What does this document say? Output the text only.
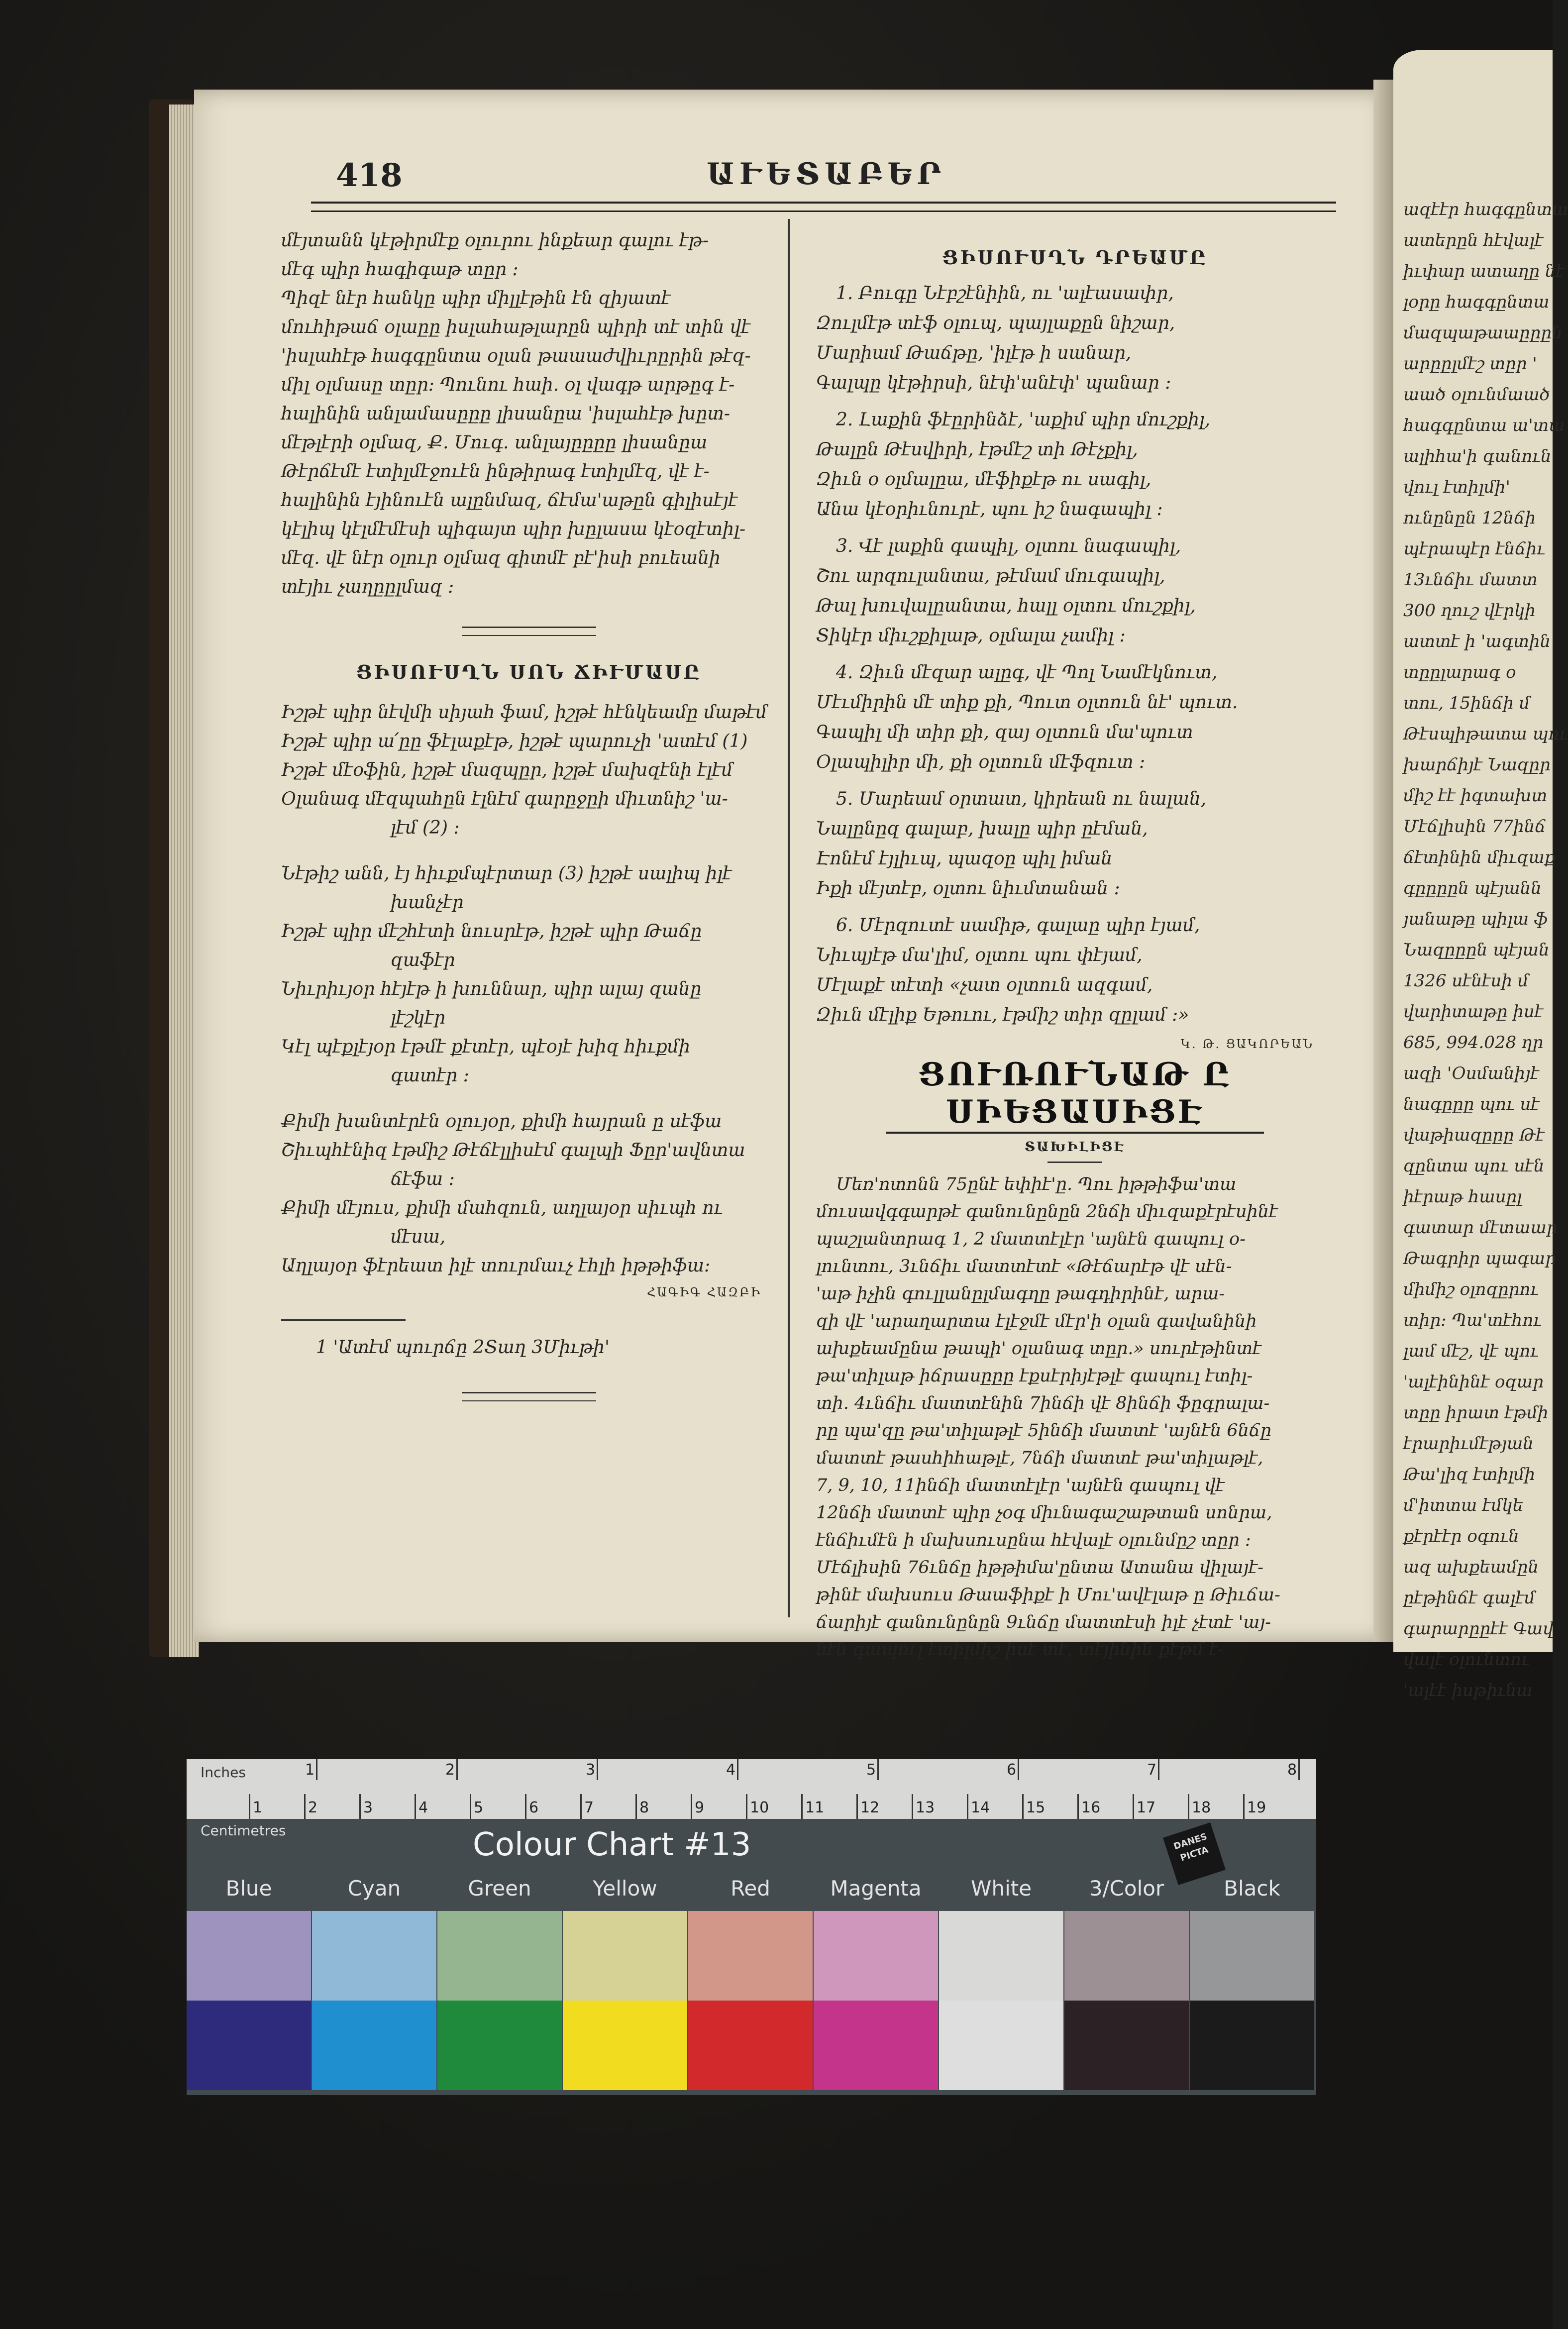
ազէէր հագգընտա
ատերըն հէվալէ
իւփար ատաղը նէ
լօրը հագգընտա
մազպաթաաըըըն
արըըլմէշ տըր '
աած օլունմաած
հագգընտա ա'տա
ալիհա'ի գանուն
վուլ էտիլմի'
ունընըն 12նճի
պէրապէր էնճիւ
13ւնճիւ մատտ
300 ղուշ վէրկի
ատտէ ի 'ագտին
տըըլարագ օ
տու, 15ինճի մ
Թէսպիթատա պու
խարճիյէ Նազըր
միշ էէ իգտախտ
Մէճլիսին 77ինճ
ճէտինին միւզաք
գըըըըն պէյանն
յանաթը պիլա ֆ
Նազըըըն պէյան
1326 սէնէսի մ
վարիտաթը իսէ
685, 994.028 ղր
ազի 'Օսմանիյէ
նագըըը պու սէ
վաթիազըըը Թէ
զընտա պու սէն
իէրաթ հասըլ
գատար մէտաար
Թագրիր պագար
միմիշ օլոզըրու
տիր։ Պա'տէհու
լամ մէշ, վէ պու
'ալէինինէ օզար
տըը իրատ էթմի
էրարիւմէթյան
Թա'լիզ էտիլմի
մ'իտտա էմկե
քէրէէր օգուն
ազ ախքեամըն
ըէթինճէ գալէմ
գարարըըէէ Գավ
վալէ օլունտու
'ալէէ իսթիւնա
418	ԱՒԵՏԱԲԵՐ

մէյտանն կէթիրմէք օլուրու ինքեար գալու էթ-

մէգ պիր հագիգաթ տըր ։

Պիզէ նէր հանկը պիր միլլէթին էն զիյատէ

մուհիթաճ օլաըը իսլահաթլարըն պիրի տէ տին վէ

'իսլահէթ հագգընտա օլան թաաաժվիւրըրին թէզ-

միլ օլմասը տըր։ Պունու հաի. օլ վագթ արթըգ է-

հալինին անլամասըըը լիսանըա 'իսլահէթ խըտ-

մէթլէրի օլմազ, Ք. Մուգ. անլայըըըը լիսանըա

Թէրճէմէ էտիլմէջուէն ինթիրագ էտիլմէզ, վէ է-

հալինին էյինուէն ալընմազ, ճէմա'աթըն գիլիսէյէ

կէլիպ կէլմէմէսի պիգայտ պիր խըլասա կէօզէտիլ-

մէզ. վէ նէր օլուր օլմազ գիտմէ բէ'իսի բուեանի

տէյիւ չաղըըլմազ ։

ՑԻՍՈՒՍՂՆ ՍՈՆ ՃԻՒՄԱՍԸ

Իշթէ պիր նէվմի սիյահ ֆամ, իշթէ հէնկեամը մաթէմ

Իշթէ պիր ա՛ըը ֆէլաքէթ, իշթէ պարուչի 'ատէմ (1)

Իշթէ մէօֆին, իշթէ մազպըր, իշթէ մախզէնի էլէմ

Օլանագ մէզպահըն էլնէմ գարըջըի միւտնիշ 'ա-

լէմ (2) ։

Նէթիշ անն, էյ հիւքմպէրտար (3) իշթէ սալիպ իլէ

խանչէր

Իշթէ պիր մէշհէտի նուսրէթ, իշթէ պիր Թաճը

զաֆէր

Նիւրիւյօր հէյէթ ի խուննար, պիր ալայ զանը

լէշկէր

Կէլ պէքլէյօր էթմէ քէտէր, պէօյէ խիզ հիւքմի

գատէր ։

Քիմի խանտէրէն օլույօր, քիմի հայրան ը սէֆա

Շիւպհէնիզ էթմիշ Թէճէլլիսէմ գալպի Ֆըր'ավնտա

ճէֆա ։

Քիմի մէյուս, քիմի մահզուն, աղլայօր սիւպհ ու

մէսա,

Աղլայօր ֆէրեատ իլէ տուրմաւչ էհլի իթթիֆա։

ՀԱԳԻԳ ՀԱԶԲԻ

1 'Ատէմ պուրճը 2Տաղ 3Միւթի'

ՑԻՍՈՒՍՂՆ ԴՐԵԱՄԸ

1. Բուգը Նէբշէնիին, ու 'ալէասափր,

Զուլմէթ տէֆ օլուպ, պայլաքըն նիշար,

Մարիամ Թաճթը, 'իլէթ ի սանար,

Գալպը կէթիրսի, նէփ'անէփ' պանար ։

2. Լաքին ֆէըրինձէ, 'աքիմ պիր մուշքիլ,

Թալըն Թէսվիրի, էթմէշ տի Թէչքիլ,

Զիւն օ օլմալըա, մէֆիքէթ ու սագիլ,

Անա կէօրիւնուրէ, պու իշ նագապիլ ։

3. Վէ լաքին գապիլ, օլտու նագապիլ,

Շու արզուլանտա, թէմամ մուգապիլ,

Թալ խուվալըանտա, հալլ օլտու մուշքիլ,

Տիկէր միւշքիլաթ, օլմալա չամիլ ։

4. Զիւն մէզար ալըգ, վէ Պոլ Նամէկնուտ,

Մէւմիրին մէ տիք քի, Պուտ օլտուն նէ' պուտ.

Գապիլ մի տիր քի, զայ օլտուն մա'պուտ

Օլապիլիր մի, քի օլտուն մէֆզուտ ։

5. Մարեամ օրտատ, կիրեան ու նալան,

Նալընըզ գալաբ, խալը պիր ըէման,

Էոնէմ էյլիւպ, պազօը պիլ իման

Իքի մէյտէբ, օլտու նիւմտանան ։

6. Մէրզուտէ սամիթ, գալաը պիր էյամ,

Նիւպյէթ մա'լիմ, օլտու պու փէյամ,

Մէլաքէ տէտի «չատ օլտուն ազգամ,

Զիւն մէլիք Եթուու, էթմիշ տիր զըլամ ։»

Կ. Թ. ՑԱԿՈՐԵԱՆ
ՑՈՒՌՈՒՆԱԹ Ը ՍԻԵՑԱՍԻՑԷ
ՏԱԽԻԼԻՑԷ

Մեռ'ոտոնն 75ընէ եփիէ'ը. Պու իթթիֆա'տա

մուսավգգարթէ գանունընըն 2նճի միւզաքէրէսինէ

պաշլանտրագ 1, 2 մատտէլէր 'այնէն գապուլ օ-

լունտու, 3ւնճիւ մատտէտէ «Թէճարէթ վէ սէն-

'աթ իչին գուլլանըլմագղը թագդիրինէ, արա-

զի վէ 'արաղարտա էլէջմէ մէր'ի օլան գավանինի

ախքեամընա թապի' օլանագ տըր.» սուրէթինտէ

թա'տիլաթ իճրասըըը էքսէրիյէթլէ գապուլ էտիլ-

տի. 4ւնճիւ մատտէնին 7ինճի վէ 8ինճի ֆըգրալա-

րը պա'զը թա'տիլաթլէ 5ինճի մատտէ 'այնէն 6նճը

մատտէ թասհիհաթլէ, 7նճի մատտէ թա'տիլաթլէ,

7, 9, 10, 11ինճի մատտէլէր 'այնէն գապուլ վէ

12նճի մատտէ պիր չօգ միւնագաշաթտան սոնրա,

էնճիւմէն ի մախսուսընա հէվալէ օլունմըշ տըր ։

Մէճլիսին 76ւնճը իթթիմա'ընտա Ատանա վիլայէ-

թինէ մախսուս Թաաֆիքէ ի Մու'ավէլաթ ը Թիւճա-

ճարիյէ գանունընըն 9ւնճը մատտէսի իլէ չէտէ 'այ-

նէն գապուլ էտիլմիշ իսէ տէ, տէյինին քէթմ է-

Inches	1	2	3	4	5	6	7	8
1	2	3	4	5	6	7	8	9	10 11 12 13 14 15 16 17 18 19
Centimetres	Colour Chart #13	DANES PICTA
Blue	Cyan	Green	Yellow	Red	Magenta	White	3/Color	Black
